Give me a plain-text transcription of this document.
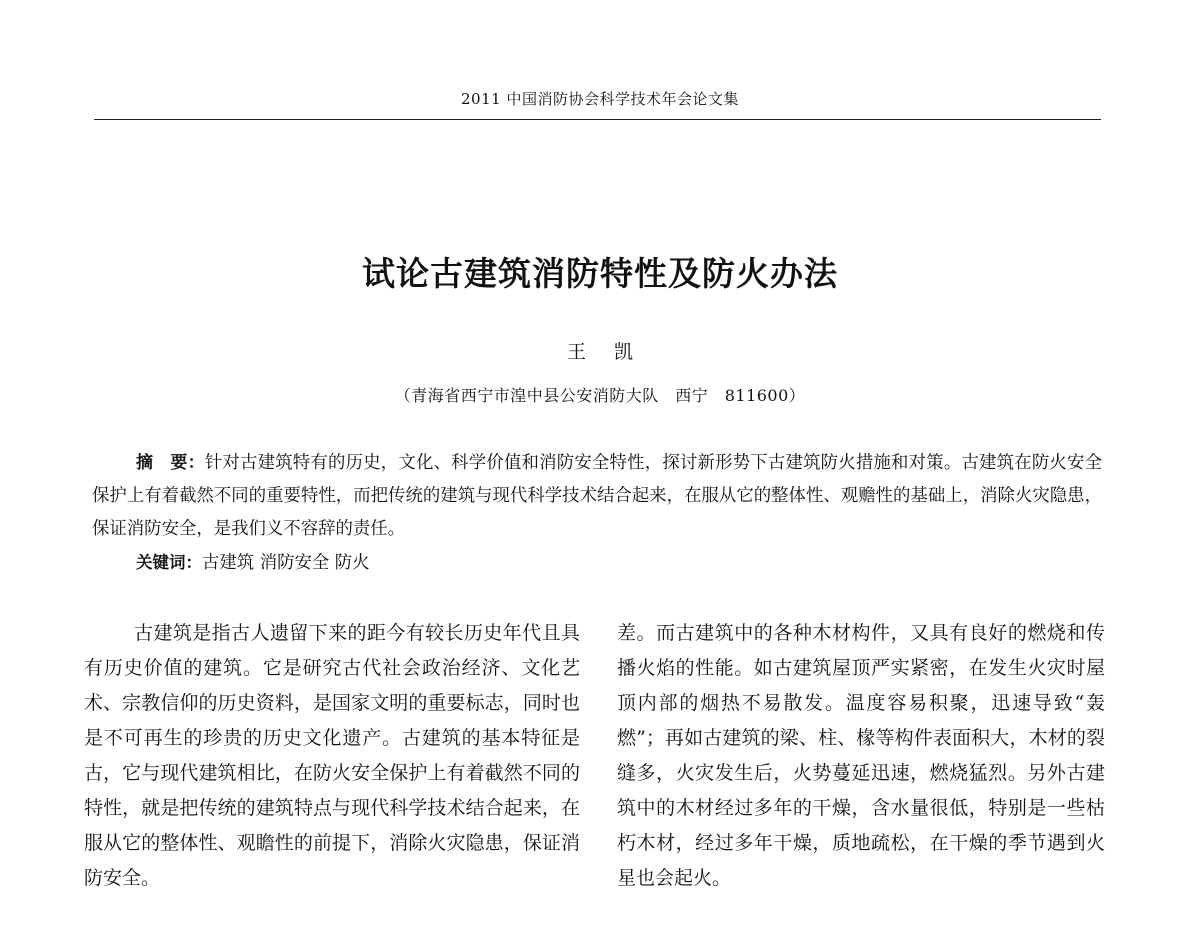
2011 中国消防协会科学技术年会论文集
试论古建筑消防特性及防火办法
王凯
（青海省西宁市湟中县公安消防大队　西宁　811600）
摘　要：针对古建筑特有的历史，文化、科学价值和消防安全特性，探讨新形势下古建筑防火措施和对策。古建筑在防火安全保护上有着截然不同的重要特性，而把传统的建筑与现代科学技术结合起来，在服从它的整体性、观赡性的基础上，消除火灾隐患，保证消防安全，是我们义不容辞的责任。
关键词：古建筑 消防安全 防火
古建筑是指古人遗留下来的距今有较长历史年代且具有历史价值的建筑。它是研究古代社会政治经济、文化艺术、宗教信仰的历史资料，是国家文明的重要标志，同时也是不可再生的珍贵的历史文化遗产。古建筑的基本特征是古，它与现代建筑相比，在防火安全保护上有着截然不同的特性，就是把传统的建筑特点与现代科学技术结合起来，在服从它的整体性、观瞻性的前提下，消除火灾隐患，保证消防安全。
差。而古建筑中的各种木材构件，又具有良好的燃烧和传播火焰的性能。如古建筑屋顶严实紧密，在发生火灾时屋顶内部的烟热不易散发。温度容易积聚，迅速导致“轰燃”；再如古建筑的梁、柱、椽等构件表面积大，木材的裂缝多，火灾发生后，火势蔓延迅速，燃烧猛烈。另外古建筑中的木材经过多年的干燥，含水量很低，特别是一些枯朽木材，经过多年干燥，质地疏松，在干燥的季节遇到火星也会起火。
